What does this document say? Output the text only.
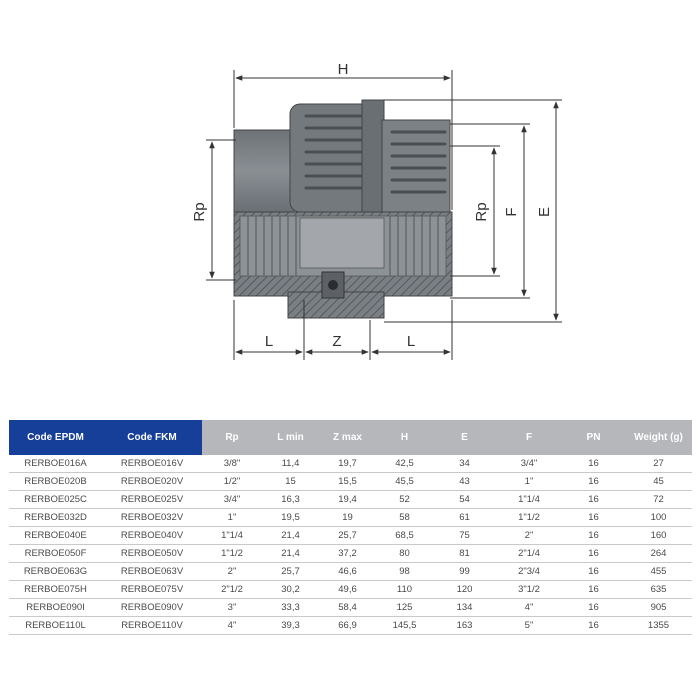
H
Rp	Rp F E
L	Z	L
Code EPDM	Code FKM	Rp	L min	Z max	H	E	F	PN	Weight (g)
RERBOE016A	RERBOE016V	3/8"	11,4	19,7	42,5	34	3/4"	16	27
RERBOE020B	RERBOE020V	1/2"	15	15,5	45,5	43	1"	16	45
RERBOE025C	RERBOE025V	3/4"	16,3	19,4	52	54	1"1/4	16	72
RERBOE032D	RERBOE032V	1"	19,5	19	58	61	1"1/2	16	100
RERBOE040E	RERBOE040V	1"1/4	21,4	25,7	68,5	75	2"	16	160
RERBOE050F	RERBOE050V	1"1/2	21,4	37,2	80	81	2"1/4	16	264
RERBOE063G	RERBOE063V	2"	25,7	46,6	98	99	2"3/4	16	455
RERBOE075H	RERBOE075V	2"1/2	30,2	49,6	110	120	3"1/2	16	635
RERBOE090I	RERBOE090V	3"	33,3	58,4	125	134	4"	16	905
RERBOE110L	RERBOE110V	4"	39,3	66,9	145,5	163	5"	16	1355
